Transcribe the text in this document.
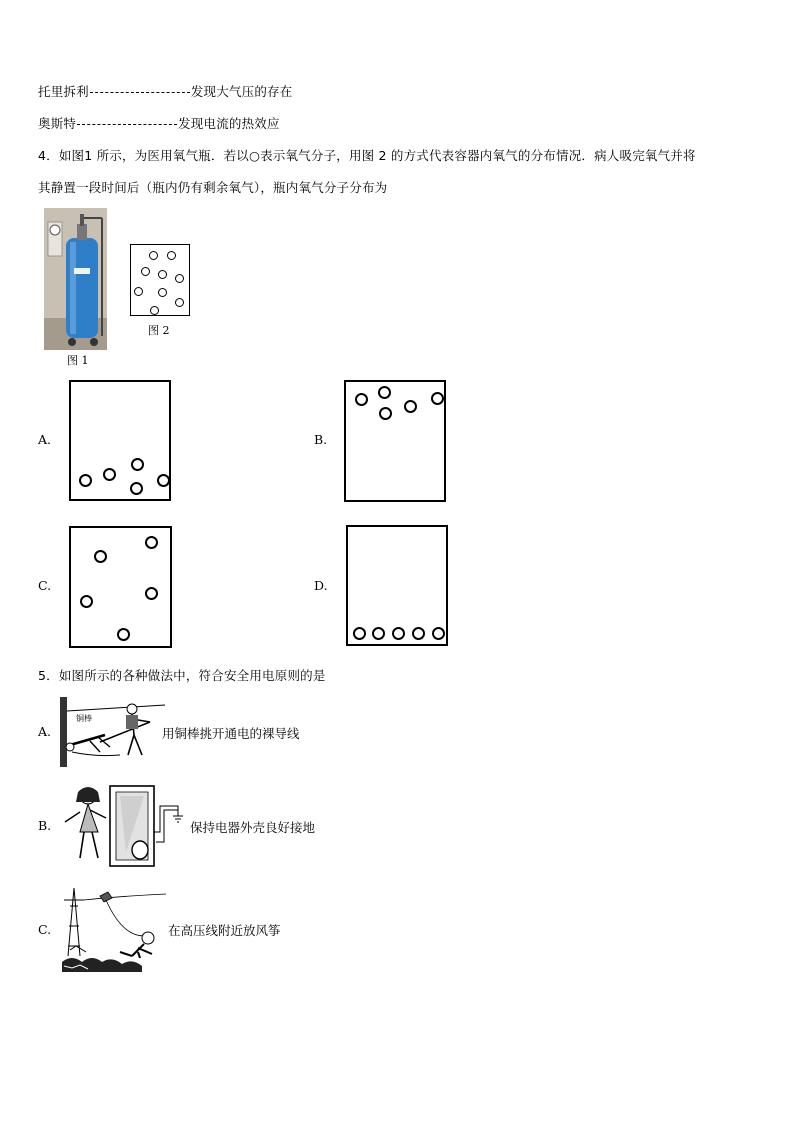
托里拆利	发现大气压的存在
奥斯特	发现电流的热效应
4．如图1 所示，为医用氧气瓶．若以○表示氧气分子，用图 2 的方式代表容器内氧气的分布情况．病人吸完氧气并将
其静置一段时间后（瓶内仍有剩余氧气），瓶内氧气分子分布为
图 1
图 2
A.	B.
C.	D.
5．如图所示的各种做法中，符合安全用电原则的是
A.
铜棒
用铜棒挑开通电的裸导线
B.	保持电器外壳良好接地
C.	在高压线附近放风筝
